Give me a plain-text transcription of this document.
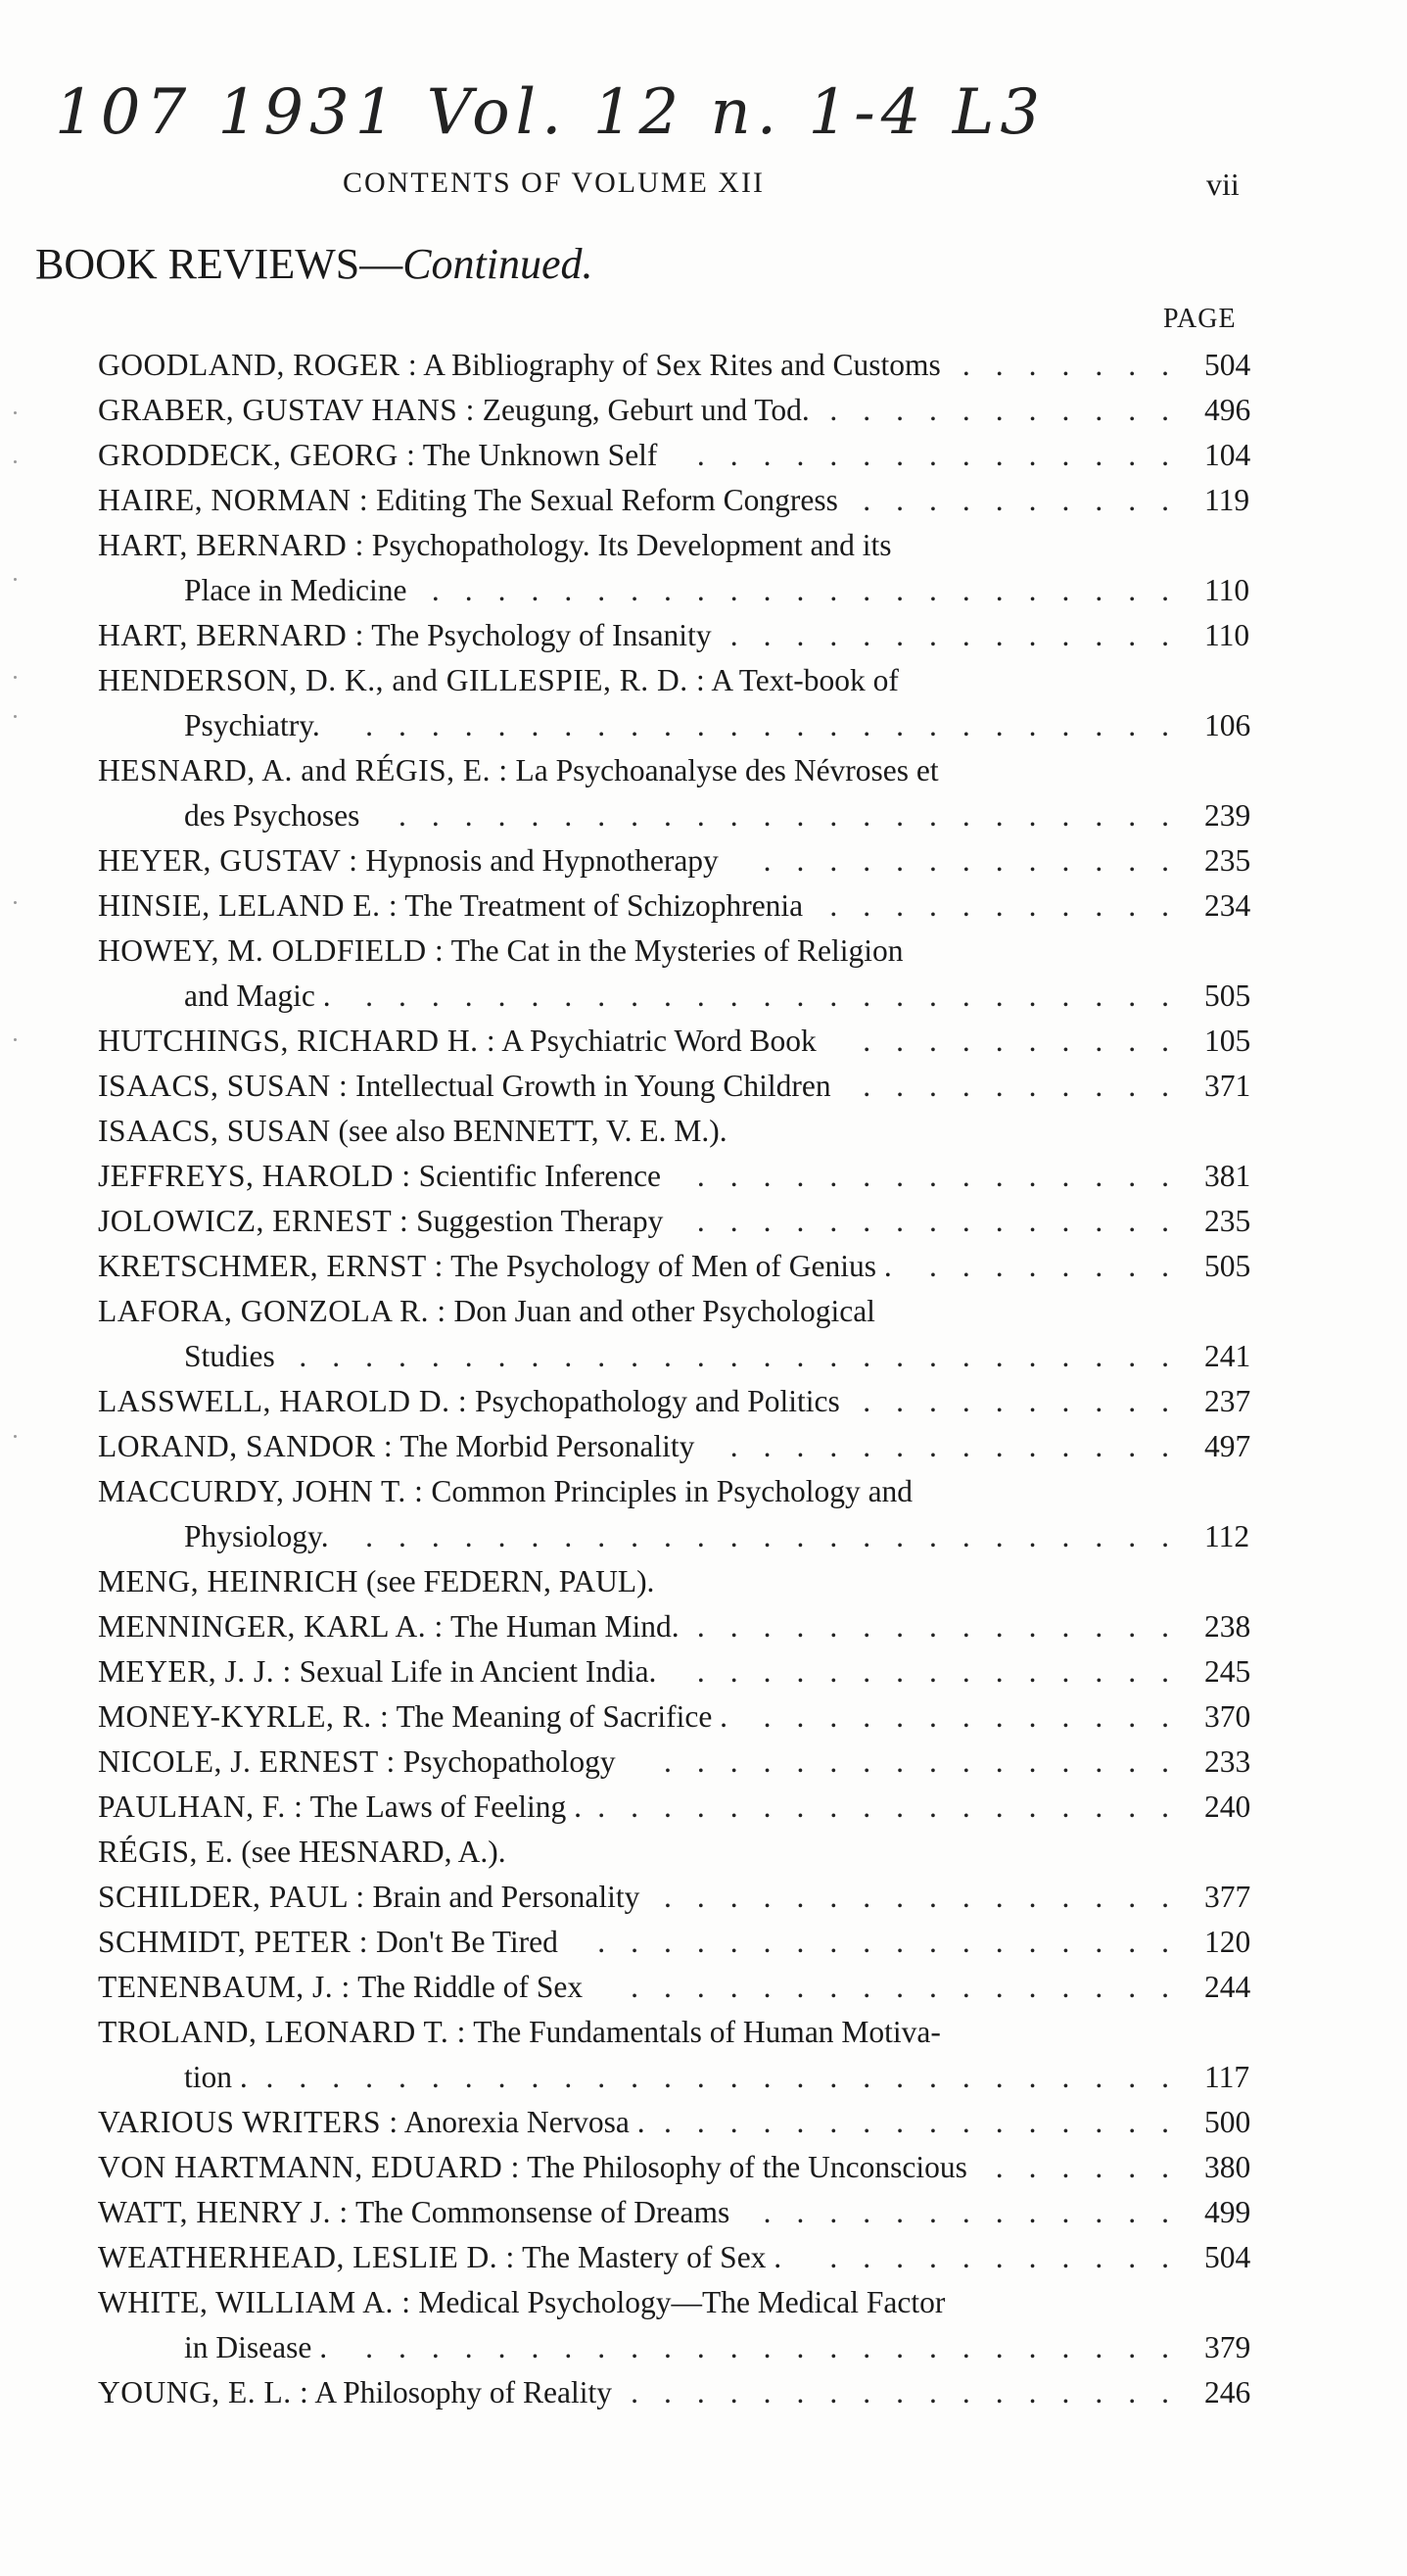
107 1931 Vol. 12 n. 1-4 L3
CONTENTS OF VOLUME XII	vii
BOOK REVIEWS—Continued.
PAGE
GOODLAND, ROGER : A Bibliography of Sex Rites and Customs	504
.......
GRABER, GUSTAV HANS : Zeugung, Geburt und Tod.	496
...........
GRODDECK, GEORG : The Unknown Self	104
...............
HAIRE, NORMAN : Editing The Sexual Reform Congress	119
..........
HART, BERNARD : Psychopathology. Its Development and its
Place in Medicine	110
.......................
HART, BERNARD : The Psychology of Insanity	110
..............
HENDERSON, D. K., and GILLESPIE, R. D. : A Text-book of
Psychiatry.	106
.........................
HESNARD, A. and RÉGIS, E. : La Psychoanalyse des Névroses et
des Psychoses	239
........................
HEYER, GUSTAV : Hypnosis and Hypnotherapy	235
.............
HINSIE, LELAND E. : The Treatment of Schizophrenia	234
...........
HOWEY, M. OLDFIELD : The Cat in the Mysteries of Religion
and Magic .	505
.........................
HUTCHINGS, RICHARD H. : A Psychiatric Word Book	105
..........
ISAACS, SUSAN : Intellectual Growth in Young Children	371
..........
ISAACS, SUSAN (see also BENNETT, V. E. M.).
JEFFREYS, HAROLD : Scientific Inference	381
...............
JOLOWICZ, ERNEST : Suggestion Therapy	235
...............
KRETSCHMER, ERNST : The Psychology of Men of Genius .	505
........
LAFORA, GONZOLA R. : Don Juan and other Psychological
Studies	241
...........................
LASSWELL, HAROLD D. : Psychopathology and Politics	237
..........
LORAND, SANDOR : The Morbid Personality	497
..............
MACCURDY, JOHN T. : Common Principles in Psychology and
Physiology.	112
.........................
MENG, HEINRICH (see FEDERN, PAUL).
MENNINGER, KARL A. : The Human Mind.	238
...............
MEYER, J. J. : Sexual Life in Ancient India.	245
...............
MONEY-KYRLE, R. : The Meaning of Sacrifice .	370
.............
NICOLE, J. ERNEST : Psychopathology	233
................
PAULHAN, F. : The Laws of Feeling .	240
..................
RÉGIS, E. (see HESNARD, A.).
SCHILDER, PAUL : Brain and Personality	377
................
SCHMIDT, PETER : Don't Be Tired	120
..................
TENENBAUM, J. : The Riddle of Sex	244
.................
TROLAND, LEONARD T. : The Fundamentals of Human Motiva-
tion .	117
............................
VARIOUS WRITERS : Anorexia Nervosa .	500
................
VON HARTMANN, EDUARD : The Philosophy of the Unconscious	380
......
WATT, HENRY J. : The Commonsense of Dreams	499
.............
WEATHERHEAD, LESLIE D. : The Mastery of Sex .	504
...........
WHITE, WILLIAM A. : Medical Psychology—The Medical Factor
in Disease .	379
.........................
YOUNG, E. L. : A Philosophy of Reality	246
.................
